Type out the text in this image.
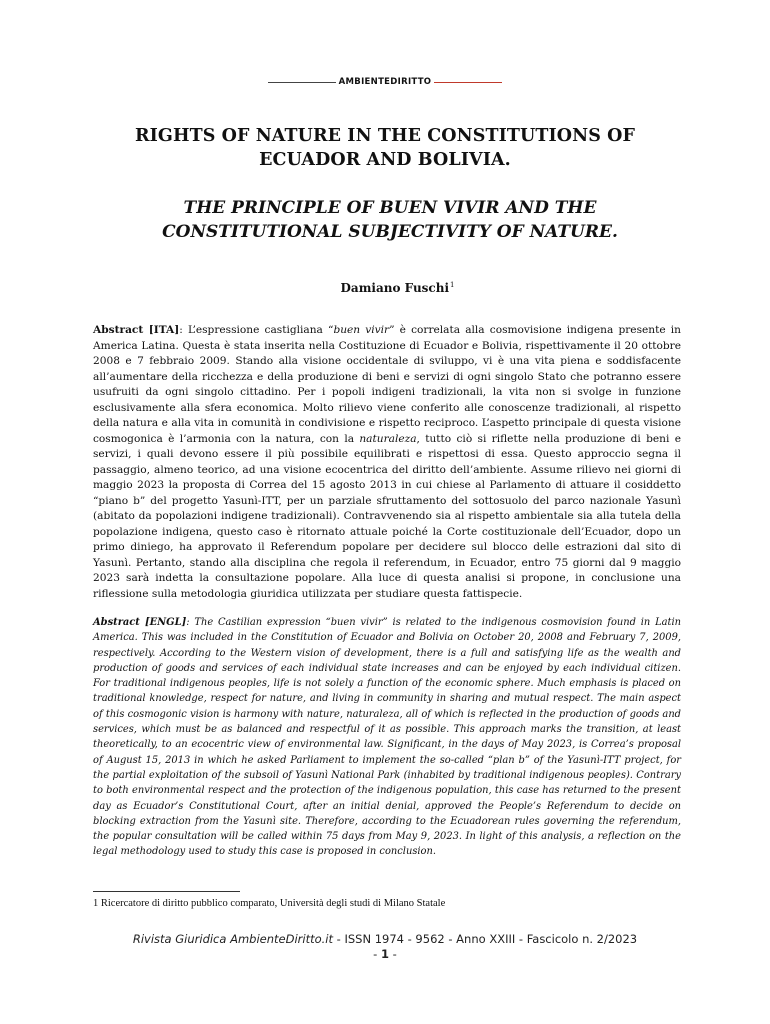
AMBIENTEDIRITTO
RIGHTS OF NATURE IN THE CONSTITUTIONS OF ECUADOR AND BOLIVIA.
THE PRINCIPLE OF BUEN VIVIR AND THE CONSTITUTIONAL SUBJECTIVITY OF NATURE.
Damiano Fuschi$^1$

Abstract [ITA]: L’espressione castigliana “buen vivir” è correlata alla cosmovisione indigena presente in America Latina. Questa è stata inserita nella Costituzione di Ecuador e Bolivia, rispettivamente il 20 ottobre 2008 e 7 febbraio 2009. Stando alla visione occidentale di sviluppo, vi è una vita piena e soddisfacente all’aumentare della ricchezza e della produzione di beni e servizi di ogni singolo Stato che potranno essere usufruiti da ogni singolo cittadino. Per i popoli indigeni tradizionali, la vita non si svolge in funzione esclusivamente alla sfera economica. Molto rilievo viene conferito alle conoscenze tradizionali, al rispetto della natura e alla vita in comunità in condivisione e rispetto reciproco. L’aspetto principale di questa visione cosmogonica è l’armonia con la natura, con la naturaleza, tutto ciò si riflette nella produzione di beni e servizi, i quali devono essere il più possibile equilibrati e rispettosi di essa. Questo approccio segna il passaggio, almeno teorico, ad una visione ecocentrica del diritto dell’ambiente. Assume rilievo nei giorni di maggio 2023 la proposta di Correa del 15 agosto 2013 in cui chiese al Parlamento di attuare il cosiddetto “piano b” del progetto Yasunì-ITT, per un parziale sfruttamento del sottosuolo del parco nazionale Yasunì (abitato da popolazioni indigene tradizionali). Contravvenendo sia al rispetto ambientale sia alla tutela della popolazione indigena, questo caso è ritornato attuale poiché la Corte costituzionale dell’Ecuador, dopo un primo diniego, ha approvato il Referendum popolare per decidere sul blocco delle estrazioni dal sito di Yasunì. Pertanto, stando alla disciplina che regola il referendum, in Ecuador, entro 75 giorni dal 9 maggio 2023 sarà indetta la consultazione popolare. Alla luce di questa analisi si propone, in conclusione una riflessione sulla metodologia giuridica utilizzata per studiare questa fattispecie.

Abstract [ENGL]: The Castilian expression “buen vivir” is related to the indigenous cosmovision found in Latin America. This was included in the Constitution of Ecuador and Bolivia on October 20, 2008 and February 7, 2009, respectively. According to the Western vision of development, there is a full and satisfying life as the wealth and production of goods and services of each individual state increases and can be enjoyed by each individual citizen. For traditional indigenous peoples, life is not solely a function of the economic sphere. Much emphasis is placed on traditional knowledge, respect for nature, and living in community in sharing and mutual respect. The main aspect of this cosmogonic vision is harmony with nature, naturaleza, all of which is reflected in the production of goods and services, which must be as balanced and respectful of it as possible. This approach marks the transition, at least theoretically, to an ecocentric view of environmental law. Significant, in the days of May 2023, is Correa’s proposal of August 15, 2013 in which he asked Parliament to implement the so-called “plan b” of the Yasunì-ITT project, for the partial exploitation of the subsoil of Yasunì National Park (inhabited by traditional indigenous peoples). Contrary to both environmental respect and the protection of the indigenous population, this case has returned to the present day as Ecuador’s Constitutional Court, after an initial denial, approved the People’s Referendum to decide on blocking extraction from the Yasunì site. Therefore, according to the Ecuadorean rules governing the referendum, the popular consultation will be called within 75 days from May 9, 2023. In light of this analysis, a reflection on the legal methodology used to study this case is proposed in conclusion.

1 Ricercatore di diritto pubblico comparato, Università degli studi di Milano Statale
Rivista Giuridica AmbienteDiritto.it - ISSN 1974 - 9562 - Anno XXIII - Fascicolo n. 2/2023
- 1 -
